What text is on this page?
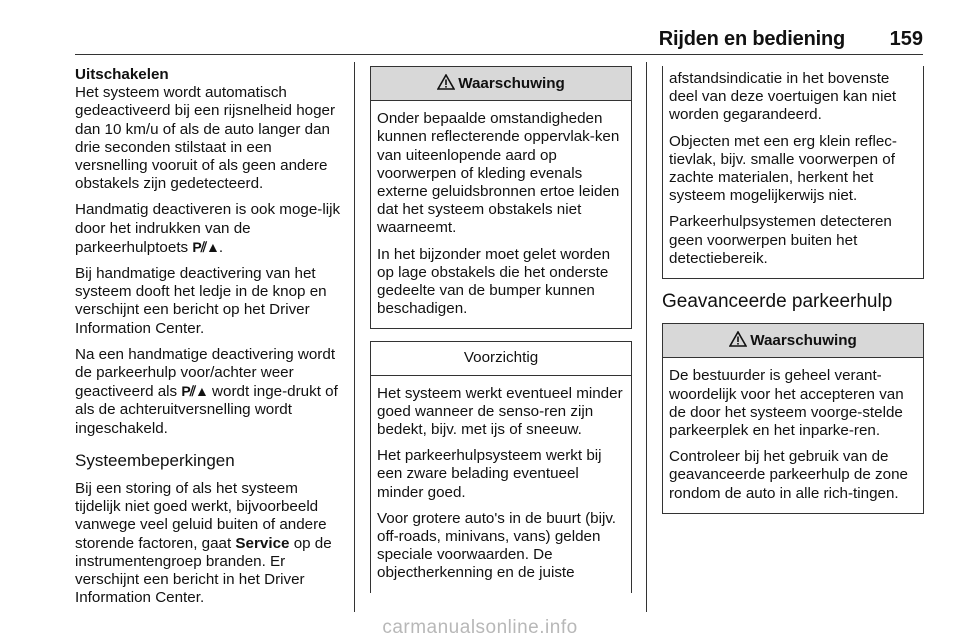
Rijden en bediening 159

Uitschakelen

Het systeem wordt automatisch gedeactiveerd bij een rijsnelheid hoger dan 10 km/u of als de auto langer dan drie seconden stilstaat in een versnelling vooruit of als geen andere obstakels zijn gedetecteerd.

Handmatig deactiveren is ook moge-lijk door het indrukken van de parkeerhulptoets P⫽▲.

Bij handmatige deactivering van het systeem dooft het ledje in de knop en verschijnt een bericht op het Driver Information Center.

Na een handmatige deactivering wordt de parkeerhulp voor/achter weer geactiveerd als P⫽▲ wordt inge-drukt of als de achteruitversnelling wordt ingeschakeld.

Systeembeperkingen

Bij een storing of als het systeem tijdelijk niet goed werkt, bijvoorbeeld vanwege veel geluid buiten of andere storende factoren, gaat Service op de instrumentengroep branden. Er verschijnt een bericht in het Driver Information Center.

Waarschuwing

Onder bepaalde omstandigheden kunnen reflecterende oppervlak-ken van uiteenlopende aard op voorwerpen of kleding evenals externe geluidsbronnen ertoe leiden dat het systeem obstakels niet waarneemt.

In het bijzonder moet gelet worden op lage obstakels die het onderste gedeelte van de bumper kunnen beschadigen.

Voorzichtig

Het systeem werkt eventueel minder goed wanneer de senso-ren zijn bedekt, bijv. met ijs of sneeuw.

Het parkeerhulpsysteem werkt bij een zware belading eventueel minder goed.

Voor grotere auto's in de buurt (bijv. off-roads, minivans, vans) gelden speciale voorwaarden. De objectherkenning en de juiste

afstandsindicatie in het bovenste deel van deze voertuigen kan niet worden gegarandeerd.

Objecten met een erg klein reflec-tievlak, bijv. smalle voorwerpen of zachte materialen, herkent het systeem mogelijkerwijs niet.

Parkeerhulpsystemen detecteren geen voorwerpen buiten het detectiebereik.

Geavanceerde parkeerhulp
Waarschuwing

De bestuurder is geheel verant-woordelijk voor het accepteren van de door het systeem voorge-stelde parkeerplek en het inparke-ren.

Controleer bij het gebruik van de geavanceerde parkeerhulp de zone rondom de auto in alle rich-tingen.

carmanualsonline.info
